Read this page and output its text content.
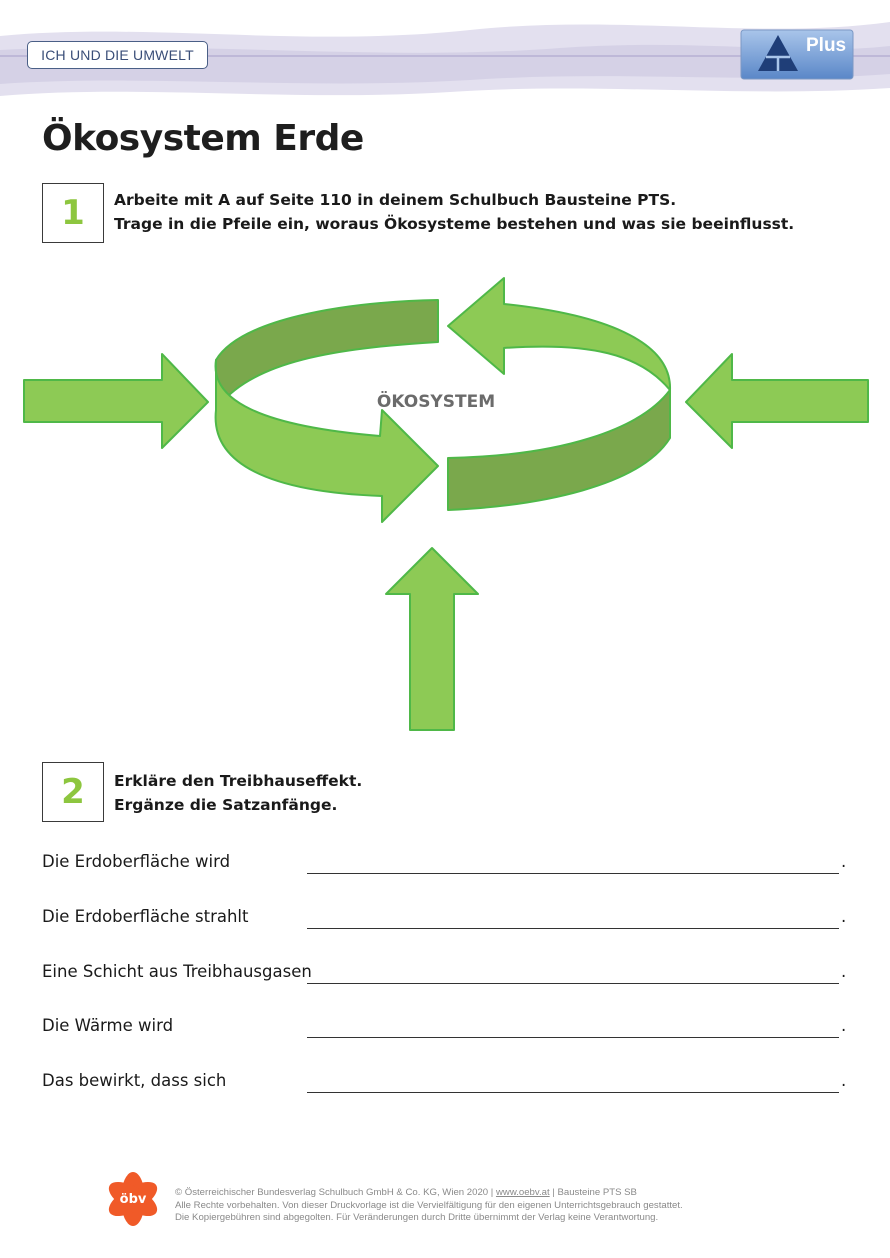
ICH UND DIE UMWELT	Plus
Ökosystem Erde
1	Arbeite mit A auf Seite 110 in deinem Schulbuch Bausteine PTS.
Trage in die Pfeile ein, woraus Ökosysteme bestehen und was sie beeinflusst.
ÖKOSYSTEM
2	Erkläre den Treibhauseffekt.
Ergänze die Satzanfänge.
Die Erdoberfläche wird	.
Die Erdoberfläche strahlt	.
Eine Schicht aus Treibhausgasen	.
Die Wärme wird	.
Das bewirkt, dass sich	.
öbv	© Österreichischer Bundesverlag Schulbuch GmbH & Co. KG, Wien 2020 | www.oebv.at | Bausteine PTS SB
Alle Rechte vorbehalten. Von dieser Druckvorlage ist die Vervielfältigung für den eigenen Unterrichtsgebrauch gestattet.
Die Kopiergebühren sind abgegolten. Für Veränderungen durch Dritte übernimmt der Verlag keine Verantwortung.
